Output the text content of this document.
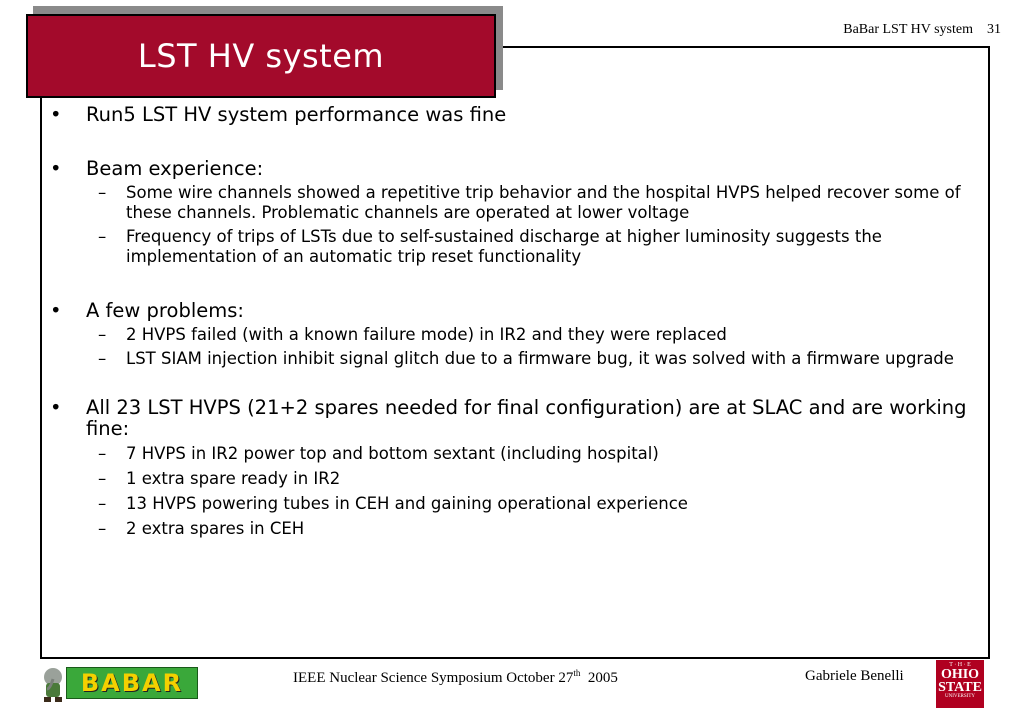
BaBar LST HV system 31
LST HV system
• Run5 LST HV system performance was fine
• Beam experience:
– Some wire channels showed a repetitive trip behavior and the hospital HVPS helped recover some of these channels. Problematic channels are operated at lower voltage
– Frequency of trips of LSTs due to self-sustained discharge at higher luminosity suggests the implementation of an automatic trip reset functionality
• A few problems:
– 2 HVPS failed (with a known failure mode) in IR2 and they were replaced
– LST SIAM injection inhibit signal glitch due to a firmware bug, it was solved with a firmware upgrade
• All 23 LST HVPS (21+2 spares needed for final configuration) are at SLAC and are working fine:
– 7 HVPS in IR2 power top and bottom sextant (including hospital)
– 1 extra spare ready in IR2
– 13 HVPS powering tubes in CEH and gaining operational experience
– 2 extra spares in CEH
BABAR	IEEE Nuclear Science Symposium October 27th  2005	Gabriele Benelli
T · H · E
OHIO STATE
UNIVERSITY
